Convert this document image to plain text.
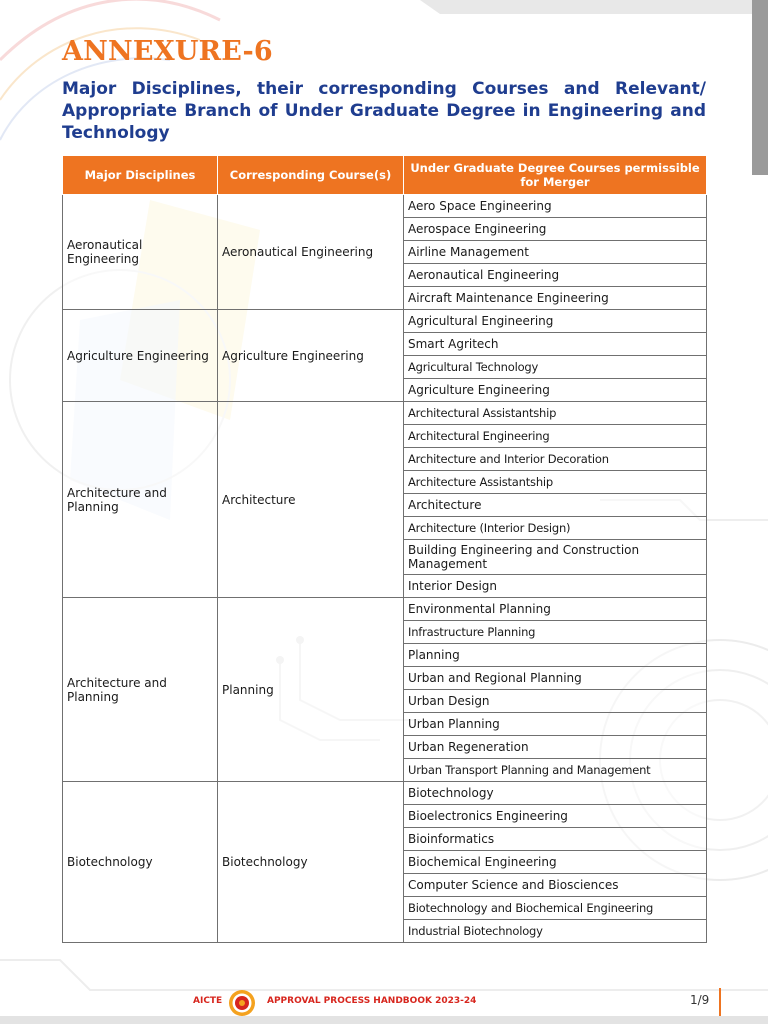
ANNEXURE-6
Major Disciplines, their corresponding Courses and Relevant/ Appropriate Branch of Under Graduate Degree in Engineering and Technology
Major Disciplines	Corresponding Course(s)	Under Graduate Degree Courses permissible for Merger
Aeronautical Engineering	Aeronautical Engineering	Aero Space Engineering
		Aerospace Engineering
		Airline Management
		Aeronautical Engineering
		Aircraft Maintenance Engineering
Agriculture Engineering	Agriculture Engineering	Agricultural Engineering
		Smart Agritech
		Agricultural Technology
		Agriculture Engineering
Architecture and Planning	Architecture	Architectural Assistantship
		Architectural Engineering
		Architecture and Interior Decoration
		Architecture Assistantship
		Architecture
		Architecture (Interior Design)
		Building Engineering and Construction Management
		Interior Design
Architecture and Planning	Planning	Environmental Planning
		Infrastructure Planning
		Planning
		Urban and Regional Planning
		Urban Design
		Urban Planning
		Urban Regeneration
		Urban Transport Planning and Management
Biotechnology	Biotechnology	Biotechnology
		Bioelectronics Engineering
		Bioinformatics
		Biochemical Engineering
		Computer Science and Biosciences
		Biotechnology and Biochemical Engineering
		Industrial Biotechnology
AICTE	APPROVAL PROCESS HANDBOOK 2023-24	1/9
